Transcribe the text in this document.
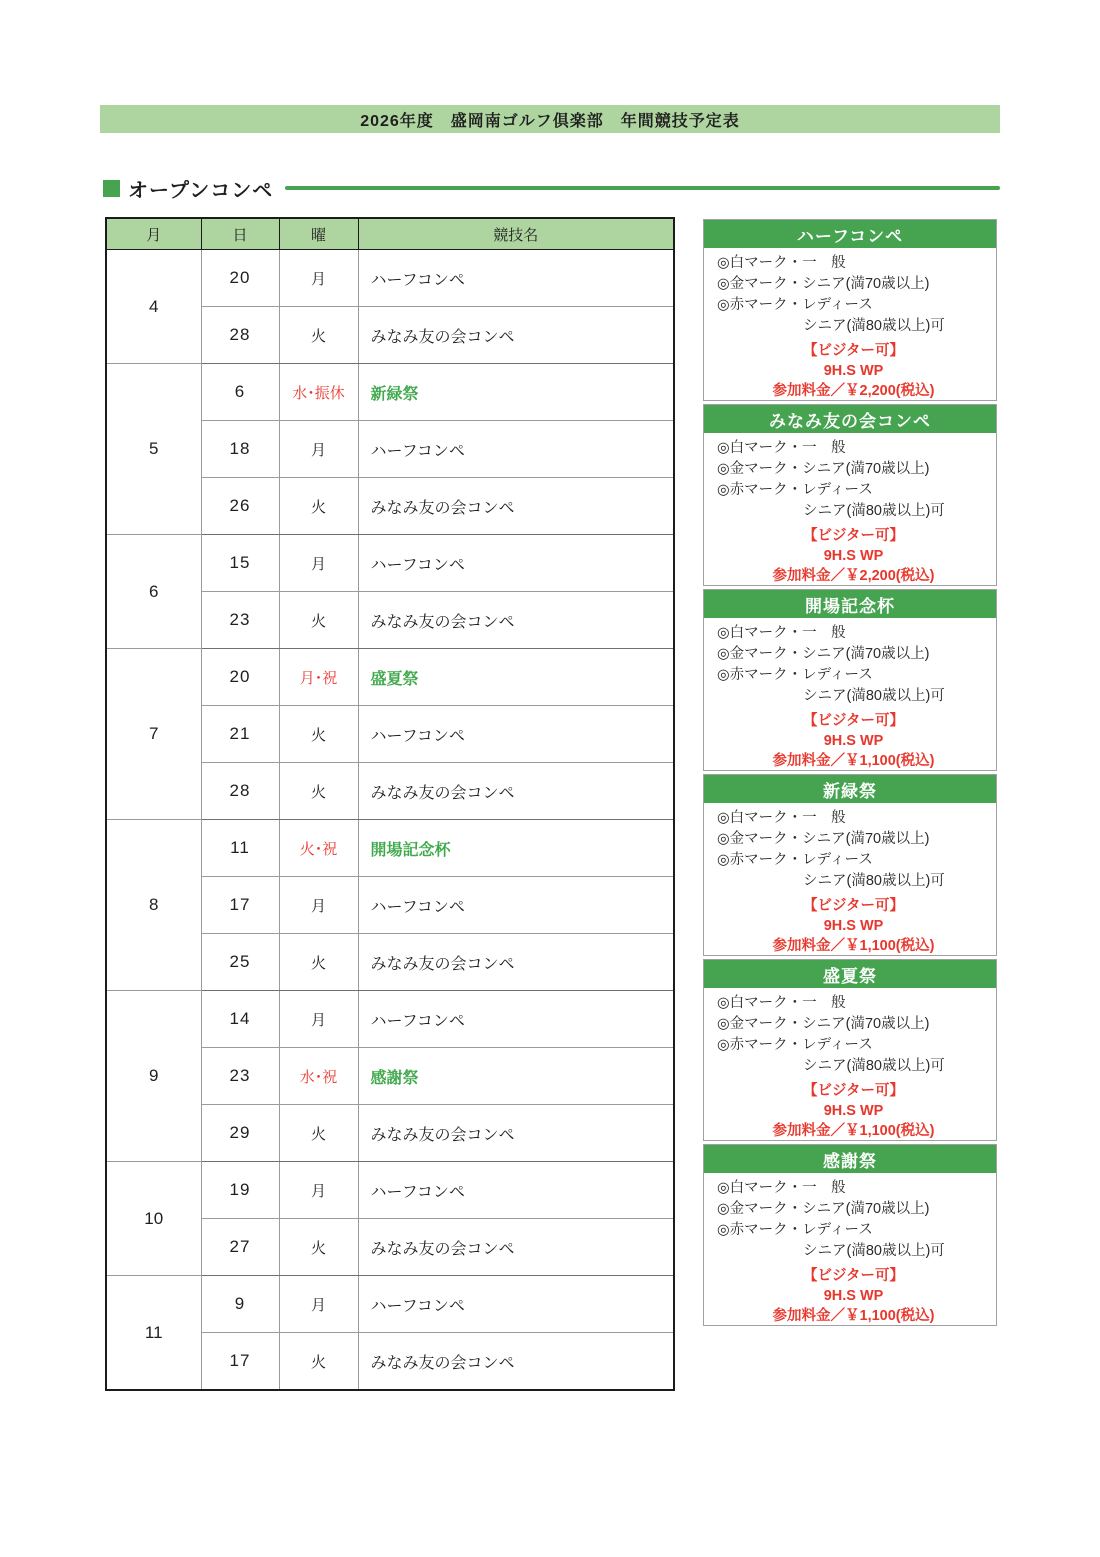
2026年度　盛岡南ゴルフ倶楽部　年間競技予定表
オープンコンペ
月	日	曜	競技名
4	20	月	ハーフコンペ
	28	火	みなみ友の会コンペ
5	6	水･振休	新緑祭
	18	月	ハーフコンペ
	26	火	みなみ友の会コンペ
6	15	月	ハーフコンペ
	23	火	みなみ友の会コンペ
7	20	月･祝	盛夏祭
	21	火	ハーフコンペ
	28	火	みなみ友の会コンペ
8	11	火･祝	開場記念杯
	17	月	ハーフコンペ
	25	火	みなみ友の会コンペ
9	14	月	ハーフコンペ
	23	水･祝	感謝祭
	29	火	みなみ友の会コンペ
10	19	月	ハーフコンペ
	27	火	みなみ友の会コンペ
11	9	月	ハーフコンペ
	17	火	みなみ友の会コンペ
ハーフコンペ
◎白マーク・一　般
◎金マーク・シニア(満70歳以上)
◎赤マーク・レディース
シニア(満80歳以上)可
【ビジター可】
9H.S WP
参加料金／￥2,200(税込)
みなみ友の会コンペ
◎白マーク・一　般
◎金マーク・シニア(満70歳以上)
◎赤マーク・レディース
シニア(満80歳以上)可
【ビジター可】
9H.S WP
参加料金／￥2,200(税込)
開場記念杯
◎白マーク・一　般
◎金マーク・シニア(満70歳以上)
◎赤マーク・レディース
シニア(満80歳以上)可
【ビジター可】
9H.S WP
参加料金／￥1,100(税込)
新緑祭
◎白マーク・一　般
◎金マーク・シニア(満70歳以上)
◎赤マーク・レディース
シニア(満80歳以上)可
【ビジター可】
9H.S WP
参加料金／￥1,100(税込)
盛夏祭
◎白マーク・一　般
◎金マーク・シニア(満70歳以上)
◎赤マーク・レディース
シニア(満80歳以上)可
【ビジター可】
9H.S WP
参加料金／￥1,100(税込)
感謝祭
◎白マーク・一　般
◎金マーク・シニア(満70歳以上)
◎赤マーク・レディース
シニア(満80歳以上)可
【ビジター可】
9H.S WP
参加料金／￥1,100(税込)
